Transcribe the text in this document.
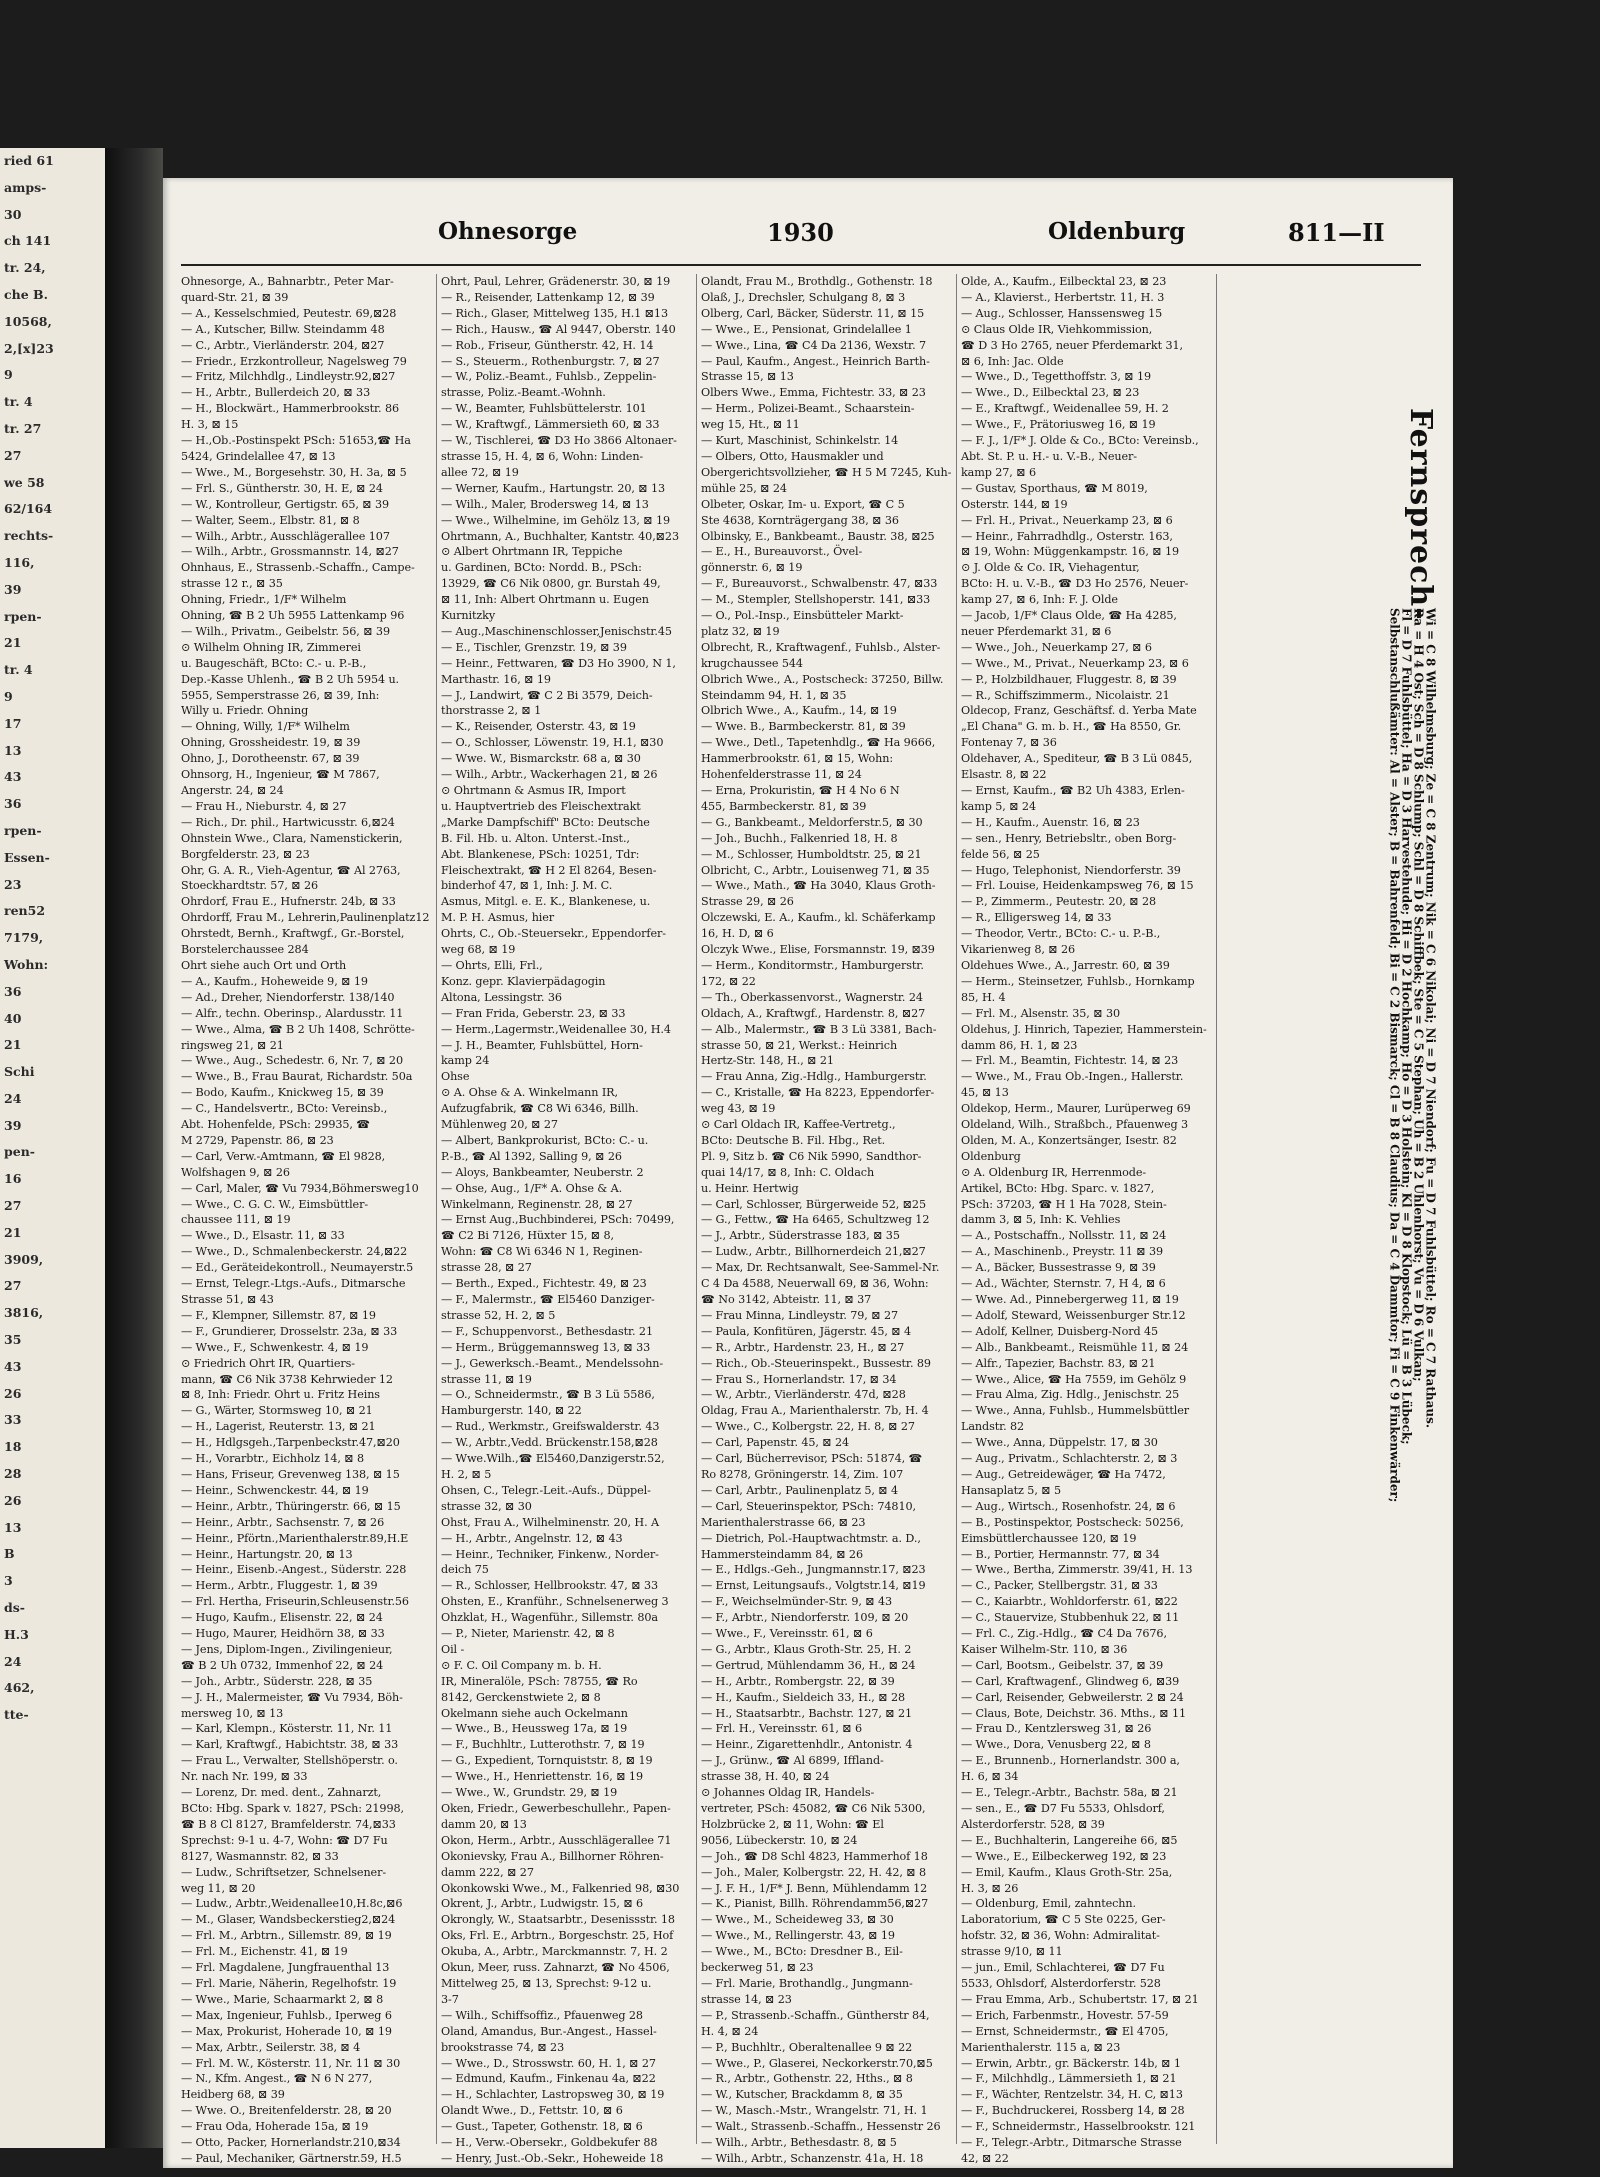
ried 61
amps-
30
ch 141
tr. 24,
che B.
10568,
2,[x]23
9
tr. 4
tr. 27
27
we 58
62/164
rechts-
116,
39
rpen-
21
tr. 4
9
17
13
43
36
rpen-
Essen-
23
ren52
7179,
Wohn:
36
40
21
Schi
24
39
pen-
16
27
21
3909,
27
3816,
35
43
26
33
18
28
26
13
B
3
ds-
H.3
24
462,
tte-
Ohnesorge	1930	Oldenburg	811—II
Ohnesorge, A., Bahnarbtr., Peter Mar-
quard-Str. 21, ⊠ 39
— A., Kesselschmied, Peutestr. 69,⊠28
— A., Kutscher, Billw. Steindamm 48
— C., Arbtr., Vierländerstr. 204, ⊠27
— Friedr., Erzkontrolleur, Nagelsweg 79
— Fritz, Milchhdlg., Lindleystr.92,⊠27
— H., Arbtr., Bullerdeich 20, ⊠ 33
— H., Blockwärt., Hammerbrookstr. 86
H. 3, ⊠ 15
— H.,Ob.-Postinspekt PSch: 51653,☎ Ha
5424, Grindelallee 47, ⊠ 13
— Wwe., M., Borgesehstr. 30, H. 3a, ⊠ 5
— Frl. S., Güntherstr. 30, H. E, ⊠ 24
— W., Kontrolleur, Gertigstr. 65, ⊠ 39
— Walter, Seem., Elbstr. 81, ⊠ 8
— Wilh., Arbtr., Ausschlägerallee 107
— Wilh., Arbtr., Grossmannstr. 14, ⊠27
Ohnhaus, E., Strassenb.-Schaffn., Campe-
strasse 12 r., ⊠ 35
Ohning, Friedr., 1/F* Wilhelm
Ohning, ☎ B 2 Uh 5955 Lattenkamp 96
— Wilh., Privatm., Geibelstr. 56, ⊠ 39
⊙ Wilhelm Ohning IR, Zimmerei
u. Baugeschäft, BCto: C.- u. P.-B.,
Dep.-Kasse Uhlenh., ☎ B 2 Uh 5954 u.
5955, Semperstrasse 26, ⊠ 39, Inh:
Willy u. Friedr. Ohning
— Ohning, Willy, 1/F* Wilhelm
Ohning, Grossheidestr. 19, ⊠ 39
Ohno, J., Dorotheenstr. 67, ⊠ 39
Ohnsorg, H., Ingenieur, ☎ M 7867,
Angerstr. 24, ⊠ 24
— Frau H., Nieburstr. 4, ⊠ 27
— Rich., Dr. phil., Hartwicusstr. 6,⊠24
Ohnstein Wwe., Clara, Namenstickerin,
Borgfelderstr. 23, ⊠ 23
Ohr, G. A. R., Vieh-Agentur, ☎ Al 2763,
Stoeckhardtstr. 57, ⊠ 26
Ohrdorf, Frau E., Hufnerstr. 24b, ⊠ 33
Ohrdorff, Frau M., Lehrerin,Paulinenplatz12
Ohrstedt, Bernh., Kraftwgf., Gr.-Borstel,
Borstelerchaussee 284
Ohrt siehe auch Ort und Orth
— A., Kaufm., Hoheweide 9, ⊠ 19
— Ad., Dreher, Niendorferstr. 138/140
— Alfr., techn. Oberinsp., Alardusstr. 11
— Wwe., Alma, ☎ B 2 Uh 1408, Schrötte-
ringsweg 21, ⊠ 21
— Wwe., Aug., Schedestr. 6, Nr. 7, ⊠ 20
— Wwe., B., Frau Baurat, Richardstr. 50a
— Bodo, Kaufm., Knickweg 15, ⊠ 39
— C., Handelsvertr., BCto: Vereinsb.,
Abt. Hohenfelde, PSch: 29935, ☎
M 2729, Papenstr. 86, ⊠ 23
— Carl, Verw.-Amtmann, ☎ El 9828,
Wolfshagen 9, ⊠ 26
— Carl, Maler, ☎ Vu 7934,Böhmersweg10
— Wwe., C. G. C. W., Eimsbüttler-
chaussee 111, ⊠ 19
— Wwe., D., Elsastr. 11, ⊠ 33
— Wwe., D., Schmalenbeckerstr. 24,⊠22
— Ed., Geräteidekontroll., Neumayerstr.5
— Ernst, Telegr.-Ltgs.-Aufs., Ditmarsche
Strasse 51, ⊠ 43
— F., Klempner, Sillemstr. 87, ⊠ 19
— F., Grundierer, Drosselstr. 23a, ⊠ 33
— Wwe., F., Schwenkestr. 4, ⊠ 19
⊙ Friedrich Ohrt IR, Quartiers-
mann, ☎ C6 Nik 3738 Kehrwieder 12
⊠ 8, Inh: Friedr. Ohrt u. Fritz Heins
— G., Wärter, Stormsweg 10, ⊠ 21
— H., Lagerist, Reuterstr. 13, ⊠ 21
— H., Hdlgsgeh.,Tarpenbeckstr.47,⊠20
— H., Vorarbtr., Eichholz 14, ⊠ 8
— Hans, Friseur, Grevenweg 138, ⊠ 15
— Heinr., Schwenckestr. 44, ⊠ 19
— Heinr., Arbtr., Thüringerstr. 66, ⊠ 15
— Heinr., Arbtr., Sachsenstr. 7, ⊠ 26
— Heinr., Pförtn.,Marienthalerstr.89,H.E
— Heinr., Hartungstr. 20, ⊠ 13
— Heinr., Eisenb.-Angest., Süderstr. 228
— Herm., Arbtr., Fluggestr. 1, ⊠ 39
— Frl. Hertha, Friseurin,Schleusenstr.56
— Hugo, Kaufm., Elisenstr. 22, ⊠ 24
— Hugo, Maurer, Heidhörn 38, ⊠ 33
— Jens, Diplom-Ingen., Zivilingenieur,
☎ B 2 Uh 0732, Immenhof 22, ⊠ 24
— Joh., Arbtr., Süderstr. 228, ⊠ 35
— J. H., Malermeister, ☎ Vu 7934, Böh-
mersweg 10, ⊠ 13
— Karl, Klempn., Kösterstr. 11, Nr. 11
— Karl, Kraftwgf., Habichtstr. 38, ⊠ 33
— Frau L., Verwalter, Stellshöperstr. o.
Nr. nach Nr. 199, ⊠ 33
— Lorenz, Dr. med. dent., Zahnarzt,
BCto: Hbg. Spark v. 1827, PSch: 21998,
☎ B 8 Cl 8127, Bramfelderstr. 74,⊠33
Sprechst: 9-1 u. 4-7, Wohn: ☎ D7 Fu
8127, Wasmannstr. 82, ⊠ 33
— Ludw., Schriftsetzer, Schnelsener-
weg 11, ⊠ 20
— Ludw., Arbtr.,Weidenallee10,H.8c,⊠6
— M., Glaser, Wandsbeckerstieg2,⊠24
— Frl. M., Arbtrn., Sillemstr. 89, ⊠ 19
— Frl. M., Eichenstr. 41, ⊠ 19
— Frl. Magdalene, Jungfrauenthal 13
— Frl. Marie, Näherin, Regelhofstr. 19
— Wwe., Marie, Schaarmarkt 2, ⊠ 8
— Max, Ingenieur, Fuhlsb., Iperweg 6
— Max, Prokurist, Hoherade 10, ⊠ 19
— Max, Arbtr., Seilerstr. 38, ⊠ 4
— Frl. M. W., Kösterstr. 11, Nr. 11 ⊠ 30
— N., Kfm. Angest., ☎ N 6 N 277,
Heidberg 68, ⊠ 39
— Wwe. O., Breitenfelderstr. 28, ⊠ 20
— Frau Oda, Hoherade 15a, ⊠ 19
— Otto, Packer, Hornerlandstr.210,⊠34
— Paul, Mechaniker, Gärtnerstr.59, H.5
Ohrt, Paul, Lehrer, Grädenerstr. 30, ⊠ 19
— R., Reisender, Lattenkamp 12, ⊠ 39
— Rich., Glaser, Mittelweg 135, H.1 ⊠13
— Rich., Hausw., ☎ Al 9447, Oberstr. 140
— Rob., Friseur, Güntherstr. 42, H. 14
— S., Steuerm., Rothenburgstr. 7, ⊠ 27
— W., Poliz.-Beamt., Fuhlsb., Zeppelin-
strasse, Poliz.-Beamt.-Wohnh.
— W., Beamter, Fuhlsbüttelerstr. 101
— W., Kraftwgf., Lämmersieth 60, ⊠ 33
— W., Tischlerei, ☎ D3 Ho 3866 Altonaer-
strasse 15, H. 4, ⊠ 6, Wohn: Linden-
allee 72, ⊠ 19
— Werner, Kaufm., Hartungstr. 20, ⊠ 13
— Wilh., Maler, Brodersweg 14, ⊠ 13
— Wwe., Wilhelmine, im Gehölz 13, ⊠ 19
Ohrtmann, A., Buchhalter, Kantstr. 40,⊠23
⊙ Albert Ohrtmann IR, Teppiche
u. Gardinen, BCto: Nordd. B., PSch:
13929, ☎ C6 Nik 0800, gr. Burstah 49,
⊠ 11, Inh: Albert Ohrtmann u. Eugen
Kurnitzky
— Aug.,Maschinenschlosser,Jenischstr.45
— E., Tischler, Grenzstr. 19, ⊠ 39
— Heinr., Fettwaren, ☎ D3 Ho 3900, N 1,
Marthastr. 16, ⊠ 19
— J., Landwirt, ☎ C 2 Bi 3579, Deich-
thorstrasse 2, ⊠ 1
— K., Reisender, Osterstr. 43, ⊠ 19
— O., Schlosser, Löwenstr. 19, H.1, ⊠30
— Wwe. W., Bismarckstr. 68 a, ⊠ 30
— Wilh., Arbtr., Wackerhagen 21, ⊠ 26
⊙ Ohrtmann & Asmus IR, Import
u. Hauptvertrieb des Fleischextrakt
„Marke Dampfschiff" BCto: Deutsche
B. Fil. Hb. u. Alton. Unterst.-Inst.,
Abt. Blankenese, PSch: 10251, Tdr:
Fleischextrakt, ☎ H 2 El 8264, Besen-
binderhof 47, ⊠ 1, Inh: J. M. C.
Asmus, Mitgl. e. E. K., Blankenese, u.
M. P. H. Asmus, hier
Ohrts, C., Ob.-Steuersekr., Eppendorfer-
weg 68, ⊠ 19
— Ohrts, Elli, Frl.,
Konz. gepr. Klavierpädagogin
Altona, Lessingstr. 36
— Fran Frida, Geberstr. 23, ⊠ 33
— Herm.,Lagermstr.,Weidenallee 30, H.4
— J. H., Beamter, Fuhlsbüttel, Horn-
kamp 24
Ohse
⊙ A. Ohse & A. Winkelmann IR,
Aufzugfabrik, ☎ C8 Wi 6346, Billh.
Mühlenweg 20, ⊠ 27
— Albert, Bankprokurist, BCto: C.- u.
P.-B., ☎ Al 1392, Salling 9, ⊠ 26
— Aloys, Bankbeamter, Neuberstr. 2
— Ohse, Aug., 1/F* A. Ohse & A.
Winkelmann, Reginenstr. 28, ⊠ 27
— Ernst Aug.,Buchbinderei, PSch: 70499,
☎ C2 Bi 7126, Hüxter 15, ⊠ 8,
Wohn: ☎ C8 Wi 6346 N 1, Reginen-
strasse 28, ⊠ 27
— Berth., Exped., Fichtestr. 49, ⊠ 23
— F., Malermstr., ☎ El5460 Danziger-
strasse 52, H. 2, ⊠ 5
— F., Schuppenvorst., Bethesdastr. 21
— Herm., Brüggemannsweg 13, ⊠ 33
— J., Gewerksch.-Beamt., Mendelssohn-
strasse 11, ⊠ 19
— O., Schneidermstr., ☎ B 3 Lü 5586,
Hamburgerstr. 140, ⊠ 22
— Rud., Werkmstr., Greifswalderstr. 43
— W., Arbtr.,Vedd. Brückenstr.158,⊠28
— Wwe.Wilh.,☎ El5460,Danzigerstr.52,
H. 2, ⊠ 5
Ohsen, C., Telegr.-Leit.-Aufs., Düppel-
strasse 32, ⊠ 30
Ohst, Frau A., Wilhelminenstr. 20, H. A
— H., Arbtr., Angelnstr. 12, ⊠ 43
— Heinr., Techniker, Finkenw., Norder-
deich 75
— R., Schlosser, Hellbrookstr. 47, ⊠ 33
Ohsten, E., Kranführ., Schnelsenerweg 3
Ohzklat, H., Wagenführ., Sillemstr. 80a
— P., Nieter, Marienstr. 42, ⊠ 8
Oil -
⊙ F. C. Oil Company m. b. H.
IR, Mineralöle, PSch: 78755, ☎ Ro
8142, Gerckenstwiete 2, ⊠ 8
Okelmann siehe auch Ockelmann
— Wwe., B., Heussweg 17a, ⊠ 19
— F., Buchhltr., Lutterothstr. 7, ⊠ 19
— G., Expedient, Tornquiststr. 8, ⊠ 19
— Wwe., H., Henriettenstr. 16, ⊠ 19
— Wwe., W., Grundstr. 29, ⊠ 19
Oken, Friedr., Gewerbeschullehr., Papen-
damm 20, ⊠ 13
Okon, Herm., Arbtr., Ausschlägerallee 71
Okonievsky, Frau A., Billhorner Röhren-
damm 222, ⊠ 27
Okonkowski Wwe., M., Falkenried 98, ⊠30
Okrent, J., Arbtr., Ludwigstr. 15, ⊠ 6
Okrongly, W., Staatsarbtr., Desenissstr. 18
Oks, Frl. E., Arbtrn., Borgeschstr. 25, Hof
Okuba, A., Arbtr., Marckmannstr. 7, H. 2
Okun, Meer, russ. Zahnarzt, ☎ No 4506,
Mittelweg 25, ⊠ 13, Sprechst: 9-12 u.
3-7
— Wilh., Schiffsoffiz., Pfauenweg 28
Oland, Amandus, Bur.-Angest., Hassel-
brookstrasse 74, ⊠ 23
— Wwe., D., Strosswstr. 60, H. 1, ⊠ 27
— Edmund, Kaufm., Finkenau 4a, ⊠22
— H., Schlachter, Lastropsweg 30, ⊠ 19
Olandt Wwe., D., Fettstr. 10, ⊠ 6
— Gust., Tapeter, Gothenstr. 18, ⊠ 6
— H., Verw.-Obersekr., Goldbekufer 88
— Henry, Just.-Ob.-Sekr., Hoheweide 18
Olandt, Frau M., Brothdlg., Gothenstr. 18
Olaß, J., Drechsler, Schulgang 8, ⊠ 3
Olberg, Carl, Bäcker, Süderstr. 11, ⊠ 15
— Wwe., E., Pensionat, Grindelallee 1
— Wwe., Lina, ☎ C4 Da 2136, Wexstr. 7
— Paul, Kaufm., Angest., Heinrich Barth-
Strasse 15, ⊠ 13
Olbers Wwe., Emma, Fichtestr. 33, ⊠ 23
— Herm., Polizei-Beamt., Schaarstein-
weg 15, Ht., ⊠ 11
— Kurt, Maschinist, Schinkelstr. 14
— Olbers, Otto, Hausmakler und
Obergerichtsvollzieher, ☎ H 5 M 7245, Kuh-
mühle 25, ⊠ 24
Olbeter, Oskar, Im- u. Export, ☎ C 5
Ste 4638, Kornträgergang 38, ⊠ 36
Olbinsky, E., Bankbeamt., Baustr. 38, ⊠25
— E., H., Bureauvorst., Övel-
gönnerstr. 6, ⊠ 19
— F., Bureauvorst., Schwalbenstr. 47, ⊠33
— M., Stempler, Stellshoperstr. 141, ⊠33
— O., Pol.-Insp., Einsbütteler Markt-
platz 32, ⊠ 19
Olbrecht, R., Kraftwagenf., Fuhlsb., Alster-
krugchaussee 544
Olbrich Wwe., A., Postscheck: 37250, Billw.
Steindamm 94, H. 1, ⊠ 35
Olbrich Wwe., A., Kaufm., 14, ⊠ 19
— Wwe. B., Barmbeckerstr. 81, ⊠ 39
— Wwe., Detl., Tapetenhdlg., ☎ Ha 9666,
Hammerbrookstr. 61, ⊠ 15, Wohn:
Hohenfelderstrasse 11, ⊠ 24
— Erna, Prokuristin, ☎ H 4 No 6 N
455, Barmbeckerstr. 81, ⊠ 39
— G., Bankbeamt., Meldorferstr.5, ⊠ 30
— Joh., Buchh., Falkenried 18, H. 8
— M., Schlosser, Humboldtstr. 25, ⊠ 21
Olbricht, C., Arbtr., Louisenweg 71, ⊠ 35
— Wwe., Math., ☎ Ha 3040, Klaus Groth-
Strasse 29, ⊠ 26
Olczewski, E. A., Kaufm., kl. Schäferkamp
16, H. D, ⊠ 6
Olczyk Wwe., Elise, Forsmannstr. 19, ⊠39
— Herm., Konditormstr., Hamburgerstr.
172, ⊠ 22
— Th., Oberkassenvorst., Wagnerstr. 24
Oldach, A., Kraftwgf., Hardenstr. 8, ⊠27
— Alb., Malermstr., ☎ B 3 Lü 3381, Bach-
strasse 50, ⊠ 21, Werkst.: Heinrich
Hertz-Str. 148, H., ⊠ 21
— Frau Anna, Zig.-Hdlg., Hamburgerstr.
— C., Kristalle, ☎ Ha 8223, Eppendorfer-
weg 43, ⊠ 19
⊙ Carl Oldach IR, Kaffee-Vertretg.,
BCto: Deutsche B. Fil. Hbg., Ret.
Pl. 9, Sitz b. ☎ C6 Nik 5990, Sandthor-
quai 14/17, ⊠ 8, Inh: C. Oldach
u. Heinr. Hertwig
— Carl, Schlosser, Bürgerweide 52, ⊠25
— G., Fettw., ☎ Ha 6465, Schultzweg 12
— J., Arbtr., Süderstrasse 183, ⊠ 35
— Ludw., Arbtr., Billhornerdeich 21,⊠27
— Max, Dr. Rechtsanwalt, See-Sammel-Nr.
C 4 Da 4588, Neuerwall 69, ⊠ 36, Wohn:
☎ No 3142, Abteistr. 11, ⊠ 37
— Frau Minna, Lindleystr. 79, ⊠ 27
— Paula, Konfitüren, Jägerstr. 45, ⊠ 4
— R., Arbtr., Hardenstr. 23, H., ⊠ 27
— Rich., Ob.-Steuerinspekt., Bussestr. 89
— Frau S., Hornerlandstr. 17, ⊠ 34
— W., Arbtr., Vierländerstr. 47d, ⊠28
Oldag, Frau A., Marienthalerstr. 7b, H. 4
— Wwe., C., Kolbergstr. 22, H. 8, ⊠ 27
— Carl, Papenstr. 45, ⊠ 24
— Carl, Bücherrevisor, PSch: 51874, ☎
Ro 8278, Gröningerstr. 14, Zim. 107
— Carl, Arbtr., Paulinenplatz 5, ⊠ 4
— Carl, Steuerinspektor, PSch: 74810,
Marienthalerstrasse 66, ⊠ 23
— Dietrich, Pol.-Hauptwachtmstr. a. D.,
Hammersteindamm 84, ⊠ 26
— E., Hdlgs.-Geh., Jungmannstr.17, ⊠23
— Ernst, Leitungsaufs., Volgtstr.14, ⊠19
— F., Weichselmünder-Str. 9, ⊠ 43
— F., Arbtr., Niendorferstr. 109, ⊠ 20
— Wwe., F., Vereinsstr. 61, ⊠ 6
— G., Arbtr., Klaus Groth-Str. 25, H. 2
— Gertrud, Mühlendamm 36, H., ⊠ 24
— H., Arbtr., Rombergstr. 22, ⊠ 39
— H., Kaufm., Sieldeich 33, H., ⊠ 28
— H., Staatsarbtr., Bachstr. 127, ⊠ 21
— Frl. H., Vereinsstr. 61, ⊠ 6
— Heinr., Zigarettenhdlr., Antonistr. 4
— J., Grünw., ☎ Al 6899, Iffland-
strasse 38, H. 40, ⊠ 24
⊙ Johannes Oldag IR, Handels-
vertreter, PSch: 45082, ☎ C6 Nik 5300,
Holzbrücke 2, ⊠ 11, Wohn: ☎ El
9056, Lübeckerstr. 10, ⊠ 24
— Joh., ☎ D8 Schl 4823, Hammerhof 18
— Joh., Maler, Kolbergstr. 22, H. 42, ⊠ 8
— J. F. H., 1/F* J. Benn, Mühlendamm 12
— K., Pianist, Billh. Röhrendamm56,⊠27
— Wwe., M., Scheideweg 33, ⊠ 30
— Wwe., M., Rellingerstr. 43, ⊠ 19
— Wwe., M., BCto: Dresdner B., Eil-
beckerweg 51, ⊠ 23
— Frl. Marie, Brothandlg., Jungmann-
strasse 14, ⊠ 23
— P., Strassenb.-Schaffn., Güntherstr 84,
H. 4, ⊠ 24
— P., Buchhltr., Oberaltenallee 9 ⊠ 22
— Wwe., P., Glaserei, Neckorkerstr.70,⊠5
— R., Arbtr., Gothenstr. 22, Hths., ⊠ 8
— W., Kutscher, Brackdamm 8, ⊠ 35
— W., Masch.-Mstr., Wrangelstr. 71, H. 1
— Walt., Strassenb.-Schaffn., Hessenstr 26
— Wilh., Arbtr., Bethesdastr. 8, ⊠ 5
— Wilh., Arbtr., Schanzenstr. 41a, H. 18
Olde, A., Kaufm., Eilbecktal 23, ⊠ 23
— A., Klavierst., Herbertstr. 11, H. 3
— Aug., Schlosser, Hanssensweg 15
⊙ Claus Olde IR, Viehkommission,
☎ D 3 Ho 2765, neuer Pferdemarkt 31,
⊠ 6, Inh: Jac. Olde
— Wwe., D., Tegetthoffstr. 3, ⊠ 19
— Wwe., D., Eilbecktal 23, ⊠ 23
— E., Kraftwgf., Weidenallee 59, H. 2
— Wwe., F., Prätoriusweg 16, ⊠ 19
— F. J., 1/F* J. Olde & Co., BCto: Vereinsb.,
Abt. St. P. u. H.- u. V.-B., Neuer-
kamp 27, ⊠ 6
— Gustav, Sporthaus, ☎ M 8019,
Osterstr. 144, ⊠ 19
— Frl. H., Privat., Neuerkamp 23, ⊠ 6
— Heinr., Fahrradhdlg., Osterstr. 163,
⊠ 19, Wohn: Müggenkampstr. 16, ⊠ 19
⊙ J. Olde & Co. IR, Viehagentur,
BCto: H. u. V.-B., ☎ D3 Ho 2576, Neuer-
kamp 27, ⊠ 6, Inh: F. J. Olde
— Jacob, 1/F* Claus Olde, ☎ Ha 4285,
neuer Pferdemarkt 31, ⊠ 6
— Wwe., Joh., Neuerkamp 27, ⊠ 6
— Wwe., M., Privat., Neuerkamp 23, ⊠ 6
— P., Holzbildhauer, Fluggestr. 8, ⊠ 39
— R., Schiffszimmerm., Nicolaistr. 21
Oldecop, Franz, Geschäftsf. d. Yerba Mate
„El Chana" G. m. b. H., ☎ Ha 8550, Gr.
Fontenay 7, ⊠ 36
Oldehaver, A., Spediteur, ☎ B 3 Lü 0845,
Elsastr. 8, ⊠ 22
— Ernst, Kaufm., ☎ B2 Uh 4383, Erlen-
kamp 5, ⊠ 24
— H., Kaufm., Auenstr. 16, ⊠ 23
— sen., Henry, Betriebsltr., oben Borg-
felde 56, ⊠ 25
— Hugo, Telephonist, Niendorferstr. 39
— Frl. Louise, Heidenkampsweg 76, ⊠ 15
— P., Zimmerm., Peutestr. 20, ⊠ 28
— R., Elligersweg 14, ⊠ 33
— Theodor, Vertr., BCto: C.- u. P.-B.,
Vikarienweg 8, ⊠ 26
Oldehues Wwe., A., Jarrestr. 60, ⊠ 39
— Herm., Steinsetzer, Fuhlsb., Hornkamp
85, H. 4
— Frl. M., Alsenstr. 35, ⊠ 30
Oldehus, J. Hinrich, Tapezier, Hammerstein-
damm 86, H. 1, ⊠ 23
— Frl. M., Beamtin, Fichtestr. 14, ⊠ 23
— Wwe., M., Frau Ob.-Ingen., Hallerstr.
45, ⊠ 13
Oldekop, Herm., Maurer, Lurüperweg 69
Oldeland, Wilh., Straßbch., Pfauenweg 3
Olden, M. A., Konzertsänger, Isestr. 82
Oldenburg
⊙ A. Oldenburg IR, Herrenmode-
Artikel, BCto: Hbg. Sparc. v. 1827,
PSch: 37203, ☎ H 1 Ha 7028, Stein-
damm 3, ⊠ 5, Inh: K. Vehlies
— A., Postschaffn., Nollsstr. 11, ⊠ 24
— A., Maschinenb., Preystr. 11 ⊠ 39
— A., Bäcker, Bussestrasse 9, ⊠ 39
— Ad., Wächter, Sternstr. 7, H 4, ⊠ 6
— Wwe. Ad., Pinnebergerweg 11, ⊠ 19
— Adolf, Steward, Weissenburger Str.12
— Adolf, Kellner, Duisberg-Nord 45
— Alb., Bankbeamt., Reismühle 11, ⊠ 24
— Alfr., Tapezier, Bachstr. 83, ⊠ 21
— Wwe., Alice, ☎ Ha 7559, im Gehölz 9
— Frau Alma, Zig. Hdlg., Jenischstr. 25
— Wwe., Anna, Fuhlsb., Hummelsbüttler
Landstr. 82
— Wwe., Anna, Düppelstr. 17, ⊠ 30
— Aug., Privatm., Schlachterstr. 2, ⊠ 3
— Aug., Getreidewäger, ☎ Ha 7472,
Hansaplatz 5, ⊠ 5
— Aug., Wirtsch., Rosenhofstr. 24, ⊠ 6
— B., Postinspektor, Postscheck: 50256,
Eimsbüttlerchaussee 120, ⊠ 19
— B., Portier, Hermannstr. 77, ⊠ 34
— Wwe., Bertha, Zimmerstr. 39/41, H. 13
— C., Packer, Stellbergstr. 31, ⊠ 33
— C., Kaiarbtr., Wohldorferstr. 61, ⊠22
— C., Stauervize, Stubbenhuk 22, ⊠ 11
— Frl. C., Zig.-Hdlg., ☎ C4 Da 7676,
Kaiser Wilhelm-Str. 110, ⊠ 36
— Carl, Bootsm., Geibelstr. 37, ⊠ 39
— Carl, Kraftwagenf., Glindweg 6, ⊠39
— Carl, Reisender, Gebweilerstr. 2 ⊠ 24
— Claus, Bote, Deichstr. 36. Mths., ⊠ 11
— Frau D., Kentzlersweg 31, ⊠ 26
— Wwe., Dora, Venusberg 22, ⊠ 8
— E., Brunnenb., Hornerlandstr. 300 a,
H. 6, ⊠ 34
— E., Telegr.-Arbtr., Bachstr. 58a, ⊠ 21
— sen., E., ☎ D7 Fu 5533, Ohlsdorf,
Alsterdorferstr. 528, ⊠ 39
— E., Buchhalterin, Langereihe 66, ⊠5
— Wwe., E., Eilbeckerweg 192, ⊠ 23
— Emil, Kaufm., Klaus Groth-Str. 25a,
H. 3, ⊠ 26
— Oldenburg, Emil, zahntechn.
Laboratorium, ☎ C 5 Ste 0225, Ger-
hofstr. 32, ⊠ 36, Wohn: Admiralitat-
strasse 9/10, ⊠ 11
— jun., Emil, Schlachterei, ☎ D7 Fu
5533, Ohlsdorf, Alsterdorferstr. 528
— Frau Emma, Arb., Schubertstr. 17, ⊠ 21
— Erich, Farbenmstr., Hovestr. 57-59
— Ernst, Schneidermstr., ☎ El 4705,
Marienthalerstr. 115 a, ⊠ 23
— Erwin, Arbtr., gr. Bäckerstr. 14b, ⊠ 1
— F., Milchhdlg., Lämmersieth 1, ⊠ 21
— F., Wächter, Rentzelstr. 34, H. C, ⊠13
— F., Buchdruckerei, Rossberg 14, ⊠ 28
— F., Schneidermstr., Hasselbrookstr. 121
— F., Telegr.-Arbtr., Ditmarsche Strasse
42, ⊠ 22
Fernsprech-
Selbstanschlußämter: Al = Alster; B = Bahrenfeld; Bi = C 2 Bismarck; Cl = B 8 Claudius; Da = C 4 Dammtor; Fi = C 9 Finkenwärder;
Fl = D 7 Fuhlsbüttel; Ha = D 3 Harvestehude; Hi = D 2 Hochkamp; Ho = D 3 Holstein; Kl = D 8 Klopstock; Lü = B 3 Lübeck;
Ra = H 4 Ost; Sch = D 8 Schlump; Schl = D 8 Schiffbek; Ste = C 5 Stephan; Uh = B 2 Uhlenhorst; Vu = D 6 Vulkan;
Wi = C 8 Wilhelmsburg; Ze = C 8 Zentrum; Nik = C 6 Nikolai; Ni = D 7 Niendorf; Fu = D 7 Fuhlsbüttel; Ro = C 7 Rathaus.
